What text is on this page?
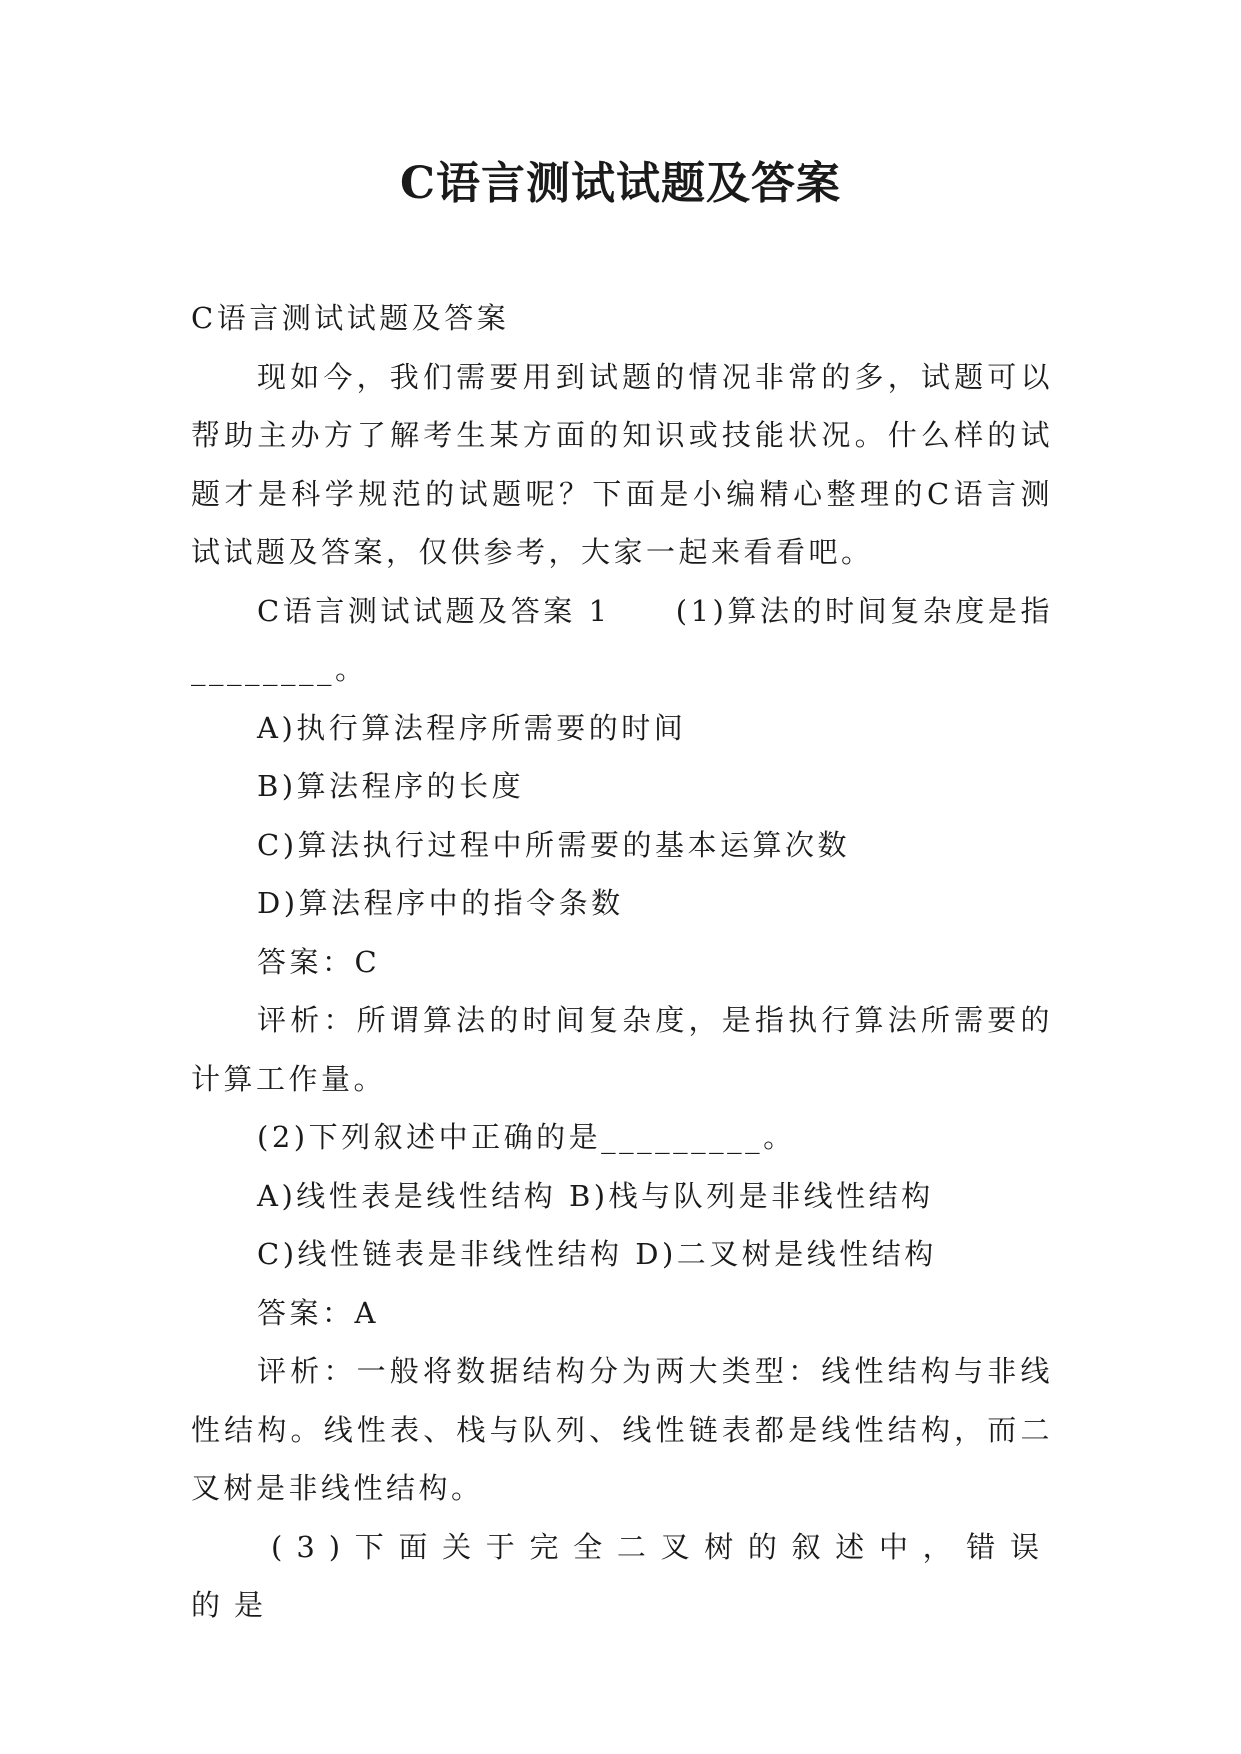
C语言测试试题及答案

C语言测试试题及答案

现如今，我们需要用到试题的情况非常的多，试题可以帮助主办方了解考生某方面的知识或技能状况。什么样的试题才是科学规范的试题呢？下面是小编精心整理的C语言测试试题及答案，仅供参考，大家一起来看看吧。

C语言测试试题及答案 1　　(1)算法的时间复杂度是指________。

A)执行算法程序所需要的时间

B)算法程序的长度

C)算法执行过程中所需要的基本运算次数

D)算法程序中的指令条数

答案：C

评析：所谓算法的时间复杂度，是指执行算法所需要的计算工作量。

(2)下列叙述中正确的是_________。

A)线性表是线性结构 B)栈与队列是非线性结构

C)线性链表是非线性结构 D)二叉树是线性结构

答案：A

评析：一般将数据结构分为两大类型：线性结构与非线性结构。线性表、栈与队列、线性链表都是线性结构，而二叉树是非线性结构。

(3)下面关于完全二叉树的叙述中，错误的是
